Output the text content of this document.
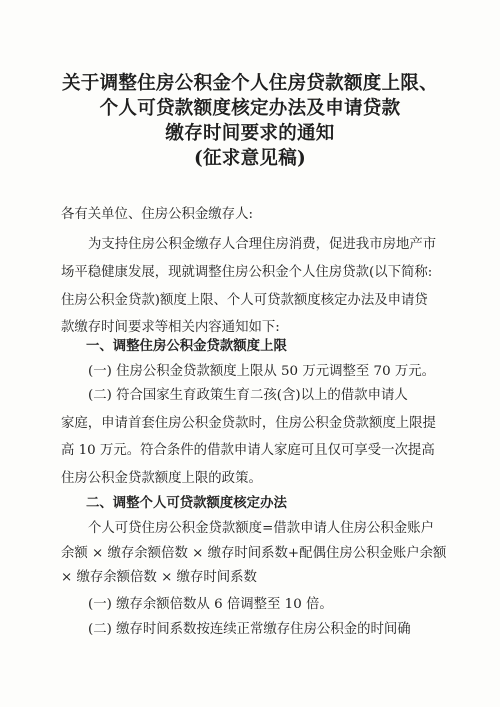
关于调整住房公积金个人住房贷款额度上限、
个人可贷款额度核定办法及申请贷款
缴存时间要求的通知
(征求意见稿)
各有关单位、住房公积金缴存人:
为支持住房公积金缴存人合理住房消费，促进我市房地产市
场平稳健康发展，现就调整住房公积金个人住房贷款(以下简称:
住房公积金贷款)额度上限、个人可贷款额度核定办法及申请贷
款缴存时间要求等相关内容通知如下:
一、调整住房公积金贷款额度上限
(一) 住房公积金贷款额度上限从 50 万元调整至 70 万元。
(二) 符合国家生育政策生育二孩(含)以上的借款申请人
家庭，申请首套住房公积金贷款时，住房公积金贷款额度上限提
高 10 万元。符合条件的借款申请人家庭可且仅可享受一次提高
住房公积金贷款额度上限的政策。
二、调整个人可贷款额度核定办法
个人可贷住房公积金贷款额度=借款申请人住房公积金账户
余额 × 缴存余额倍数 × 缴存时间系数+配偶住房公积金账户余额
× 缴存余额倍数 × 缴存时间系数
(一) 缴存余额倍数从 6 倍调整至 10 倍。
(二) 缴存时间系数按连续正常缴存住房公积金的时间确
